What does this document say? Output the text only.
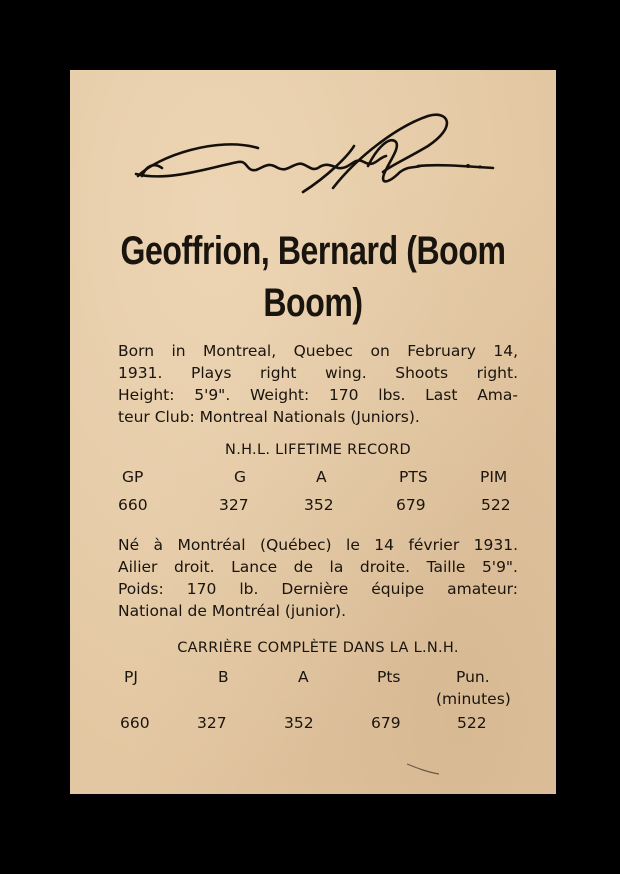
Geoffrion, Bernard (Boom
Boom)
Born in Montreal, Quebec on February 14,
1931. Plays right wing. Shoots right.
Height: 5'9". Weight: 170 lbs. Last Ama-
teur Club: Montreal Nationals (Juniors).
N.H.L. LIFETIME RECORD
GP	G	A	PTS	PIM
660	327	352	679	522
Né à Montréal (Québec) le 14 février 1931.
Ailier droit. Lance de la droite. Taille 5'9".
Poids: 170 lb. Dernière équipe amateur:
National de Montréal (junior).
CARRIÈRE COMPLÈTE DANS LA L.N.H.
PJ	B	A	Pts	Pun.
(minutes)
660	327	352	679	522
